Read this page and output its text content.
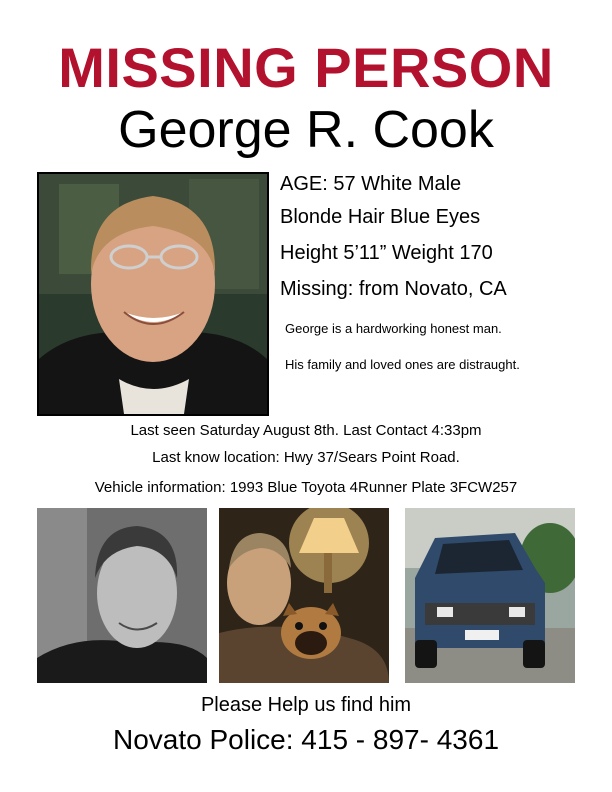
MISSING PERSON
George R. Cook
AGE: 57 White Male
Blonde Hair Blue Eyes
Height 5’11” Weight 170
Missing: from Novato, CA
George is a hardworking honest man.
His family and loved ones are distraught.
Last seen Saturday August 8th. Last Contact 4:33pm
Last know location: Hwy 37/Sears Point Road.
Vehicle information: 1993 Blue Toyota 4Runner Plate 3FCW257
Please Help us find him
Novato Police: 415 - 897- 4361
